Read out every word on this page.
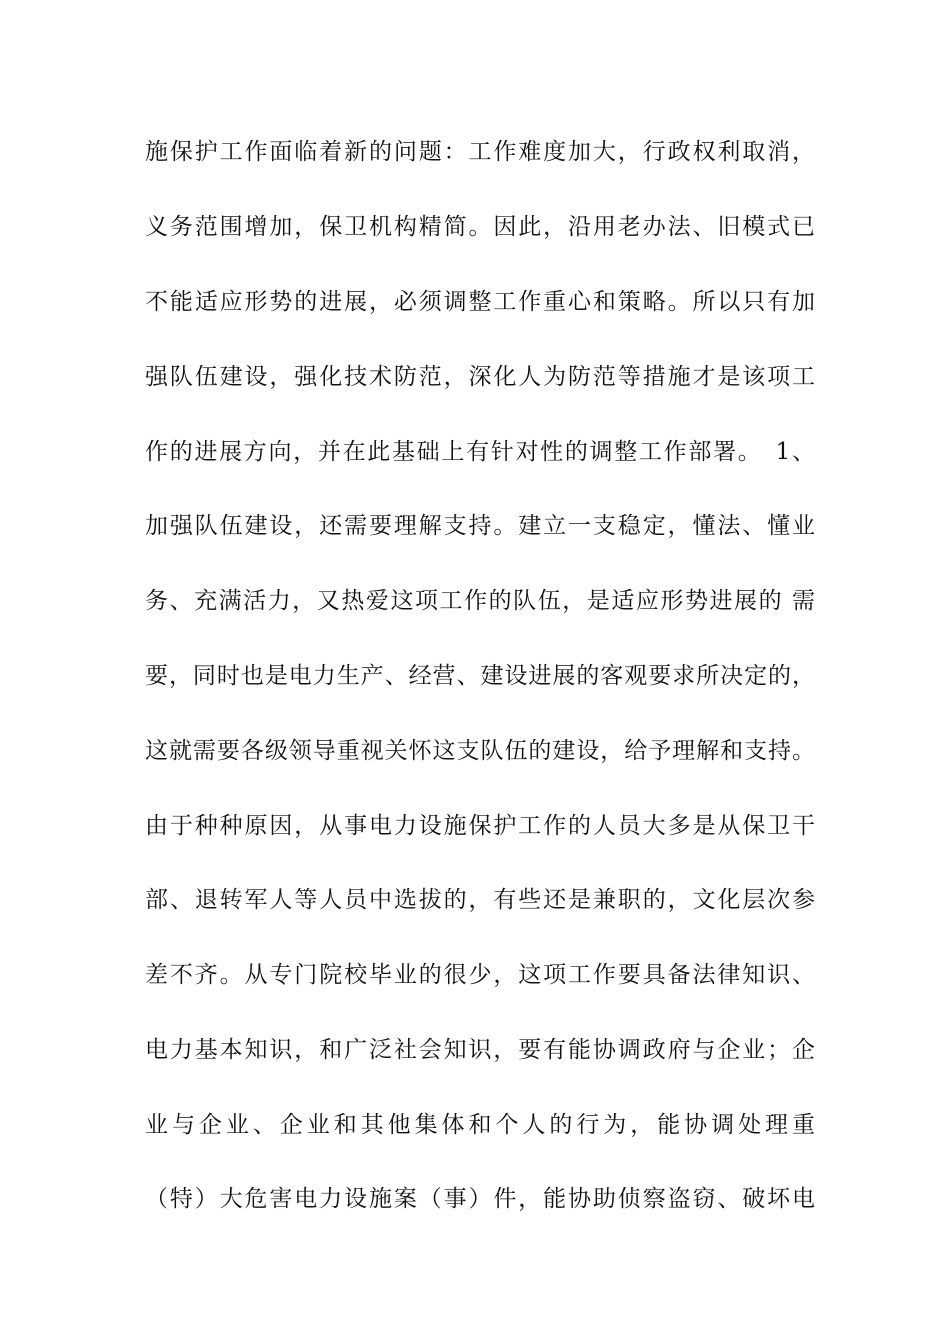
施保护工作面临着新的问题：工作难度加大，行政权利取消，
义务范围增加，保卫机构精简。因此，沿用老办法、旧模式已
不能适应形势的进展，必须调整工作重心和策略。所以只有加
强队伍建设，强化技术防范，深化人为防范等措施才是该项工
作的进展方向，并在此基础上有针对性的调整工作部署。　1、
加强队伍建设，还需要理解支持。建立一支稳定，懂法、懂业
务、充满活力，又热爱这项工作的队伍，是适应形势进展的 需
要，同时也是电力生产、经营、建设进展的客观要求所决定的，
这就需要各级领导重视关怀这支队伍的建设，给予理解和支持。
由于种种原因，从事电力设施保护工作的人员大多是从保卫干
部、退转军人等人员中选拔的，有些还是兼职的，文化层次参
差不齐。从专门院校毕业的很少，这项工作要具备法律知识、
电力基本知识，和广泛社会知识，要有能协调政府与企业；企
业与企业、企业和其他集体和个人的行为，能协调处理重
（特）大危害电力设施案（事）件，能协助侦察盗窃、破坏电
